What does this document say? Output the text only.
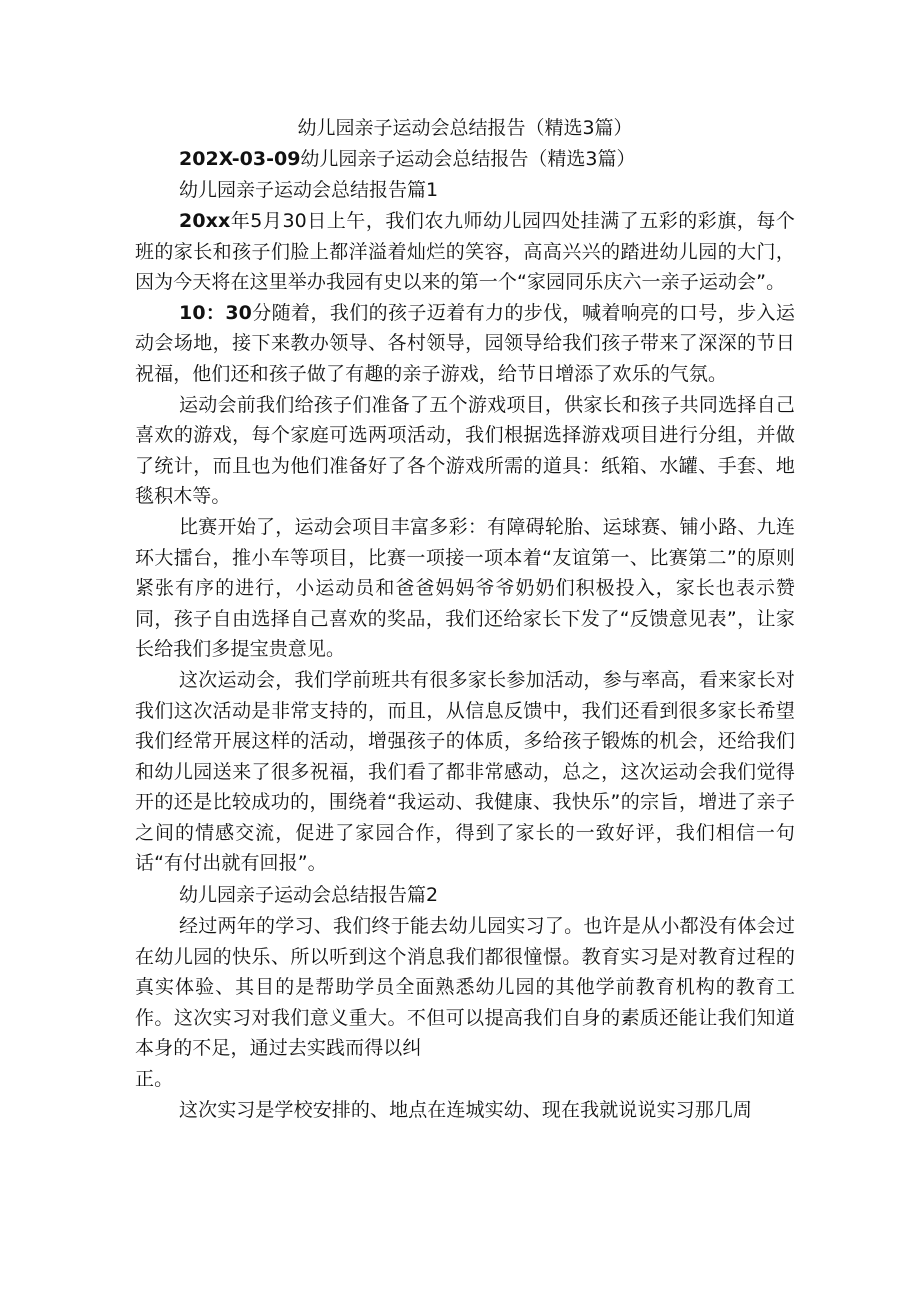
幼儿园亲子运动会总结报告（精选3篇）

202X-03-09幼儿园亲子运动会总结报告（精选3篇）

幼儿园亲子运动会总结报告篇1

20xx年5月30日上午，我们农九师幼儿园四处挂满了五彩的彩旗，每个班的家长和孩子们脸上都洋溢着灿烂的笑容，高高兴兴的踏进幼儿园的大门，因为今天将在这里举办我园有史以来的第一个“家园同乐庆六一亲子运动会”。

10：30分随着，我们的孩子迈着有力的步伐，喊着响亮的口号，步入运动会场地，接下来教办领导、各村领导，园领导给我们孩子带来了深深的节日祝福，他们还和孩子做了有趣的亲子游戏，给节日增添了欢乐的气氛。

运动会前我们给孩子们准备了五个游戏项目，供家长和孩子共同选择自己喜欢的游戏，每个家庭可选两项活动，我们根据选择游戏项目进行分组，并做了统计，而且也为他们准备好了各个游戏所需的道具：纸箱、水罐、手套、地毯积木等。

比赛开始了，运动会项目丰富多彩：有障碍轮胎、运球赛、铺小路、九连环大擂台，推小车等项目，比赛一项接一项本着“友谊第一、比赛第二”的原则紧张有序的进行，小运动员和爸爸妈妈爷爷奶奶们积极投入，家长也表示赞同，孩子自由选择自己喜欢的奖品，我们还给家长下发了“反馈意见表”，让家长给我们多提宝贵意见。

这次运动会，我们学前班共有很多家长参加活动，参与率高，看来家长对我们这次活动是非常支持的，而且，从信息反馈中，我们还看到很多家长希望我们经常开展这样的活动，增强孩子的体质，多给孩子锻炼的机会，还给我们和幼儿园送来了很多祝福，我们看了都非常感动，总之，这次运动会我们觉得开的还是比较成功的，围绕着“我运动、我健康、我快乐”的宗旨，增进了亲子之间的情感交流，促进了家园合作，得到了家长的一致好评，我们相信一句话“有付出就有回报”。

幼儿园亲子运动会总结报告篇2

经过两年的学习、我们终于能去幼儿园实习了。也许是从小都没有体会过在幼儿园的快乐、所以听到这个消息我们都很憧憬。教育实习是对教育过程的真实体验、其目的是帮助学员全面熟悉幼儿园的其他学前教育机构的教育工作。这次实习对我们意义重大。不但可以提高我们自身的素质还能让我们知道本身的不足，通过去实践而得以纠

正。

这次实习是学校安排的、地点在连城实幼、现在我就说说实习那几周
